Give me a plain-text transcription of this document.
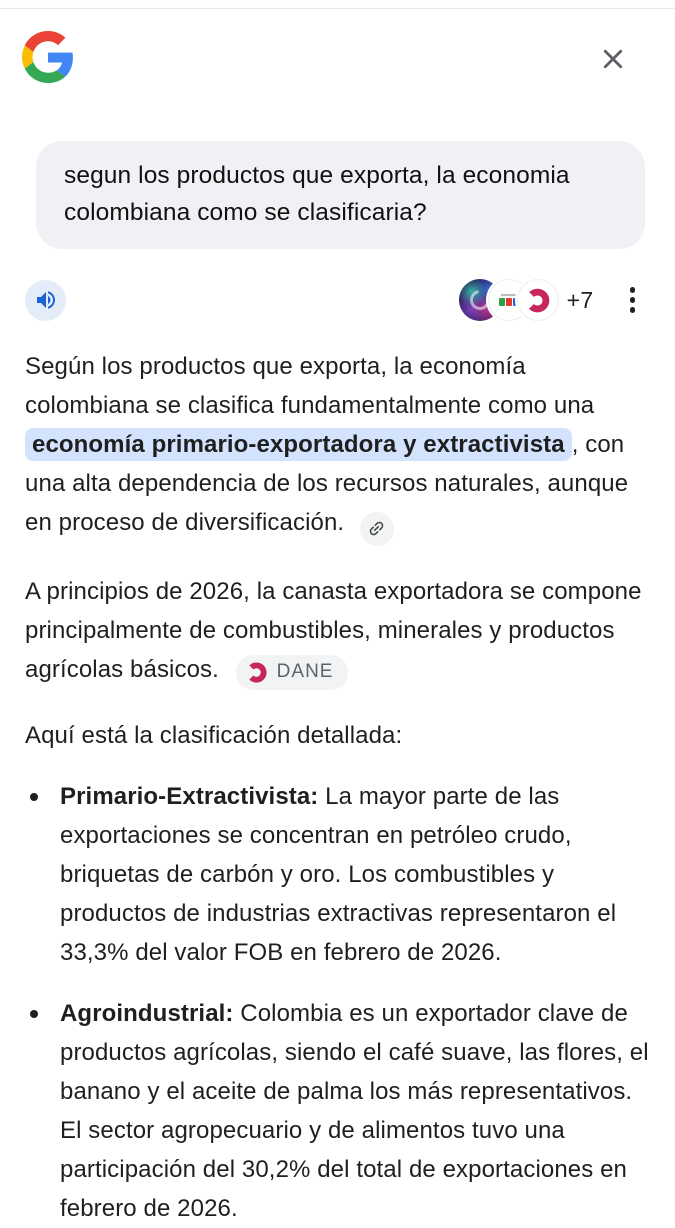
segun los productos que exporta, la economia colombiana como se clasificaria?
+7

Según los productos que exporta, la economía colombiana se clasifica fundamentalmente como una economía primario-exportadora y extractivista , con una alta dependencia de los recursos naturales, aunque en proceso de diversificación.

A principios de 2026, la canasta exportadora se compone principalmente de combustibles, minerales y productos agrícolas básicos.	DANE

Aquí está la clasificación detallada:

Primario-Extractivista: La mayor parte de las exportaciones se concentran en petróleo crudo, briquetas de carbón y oro. Los combustibles y productos de industrias extractivas representaron el 33,3% del valor FOB en febrero de 2026.
Agroindustrial: Colombia es un exportador clave de productos agrícolas, siendo el café suave, las flores, el banano y el aceite de palma los más representativos. El sector agropecuario y de alimentos tuvo una participación del 30,2% del total de exportaciones en febrero de 2026.
